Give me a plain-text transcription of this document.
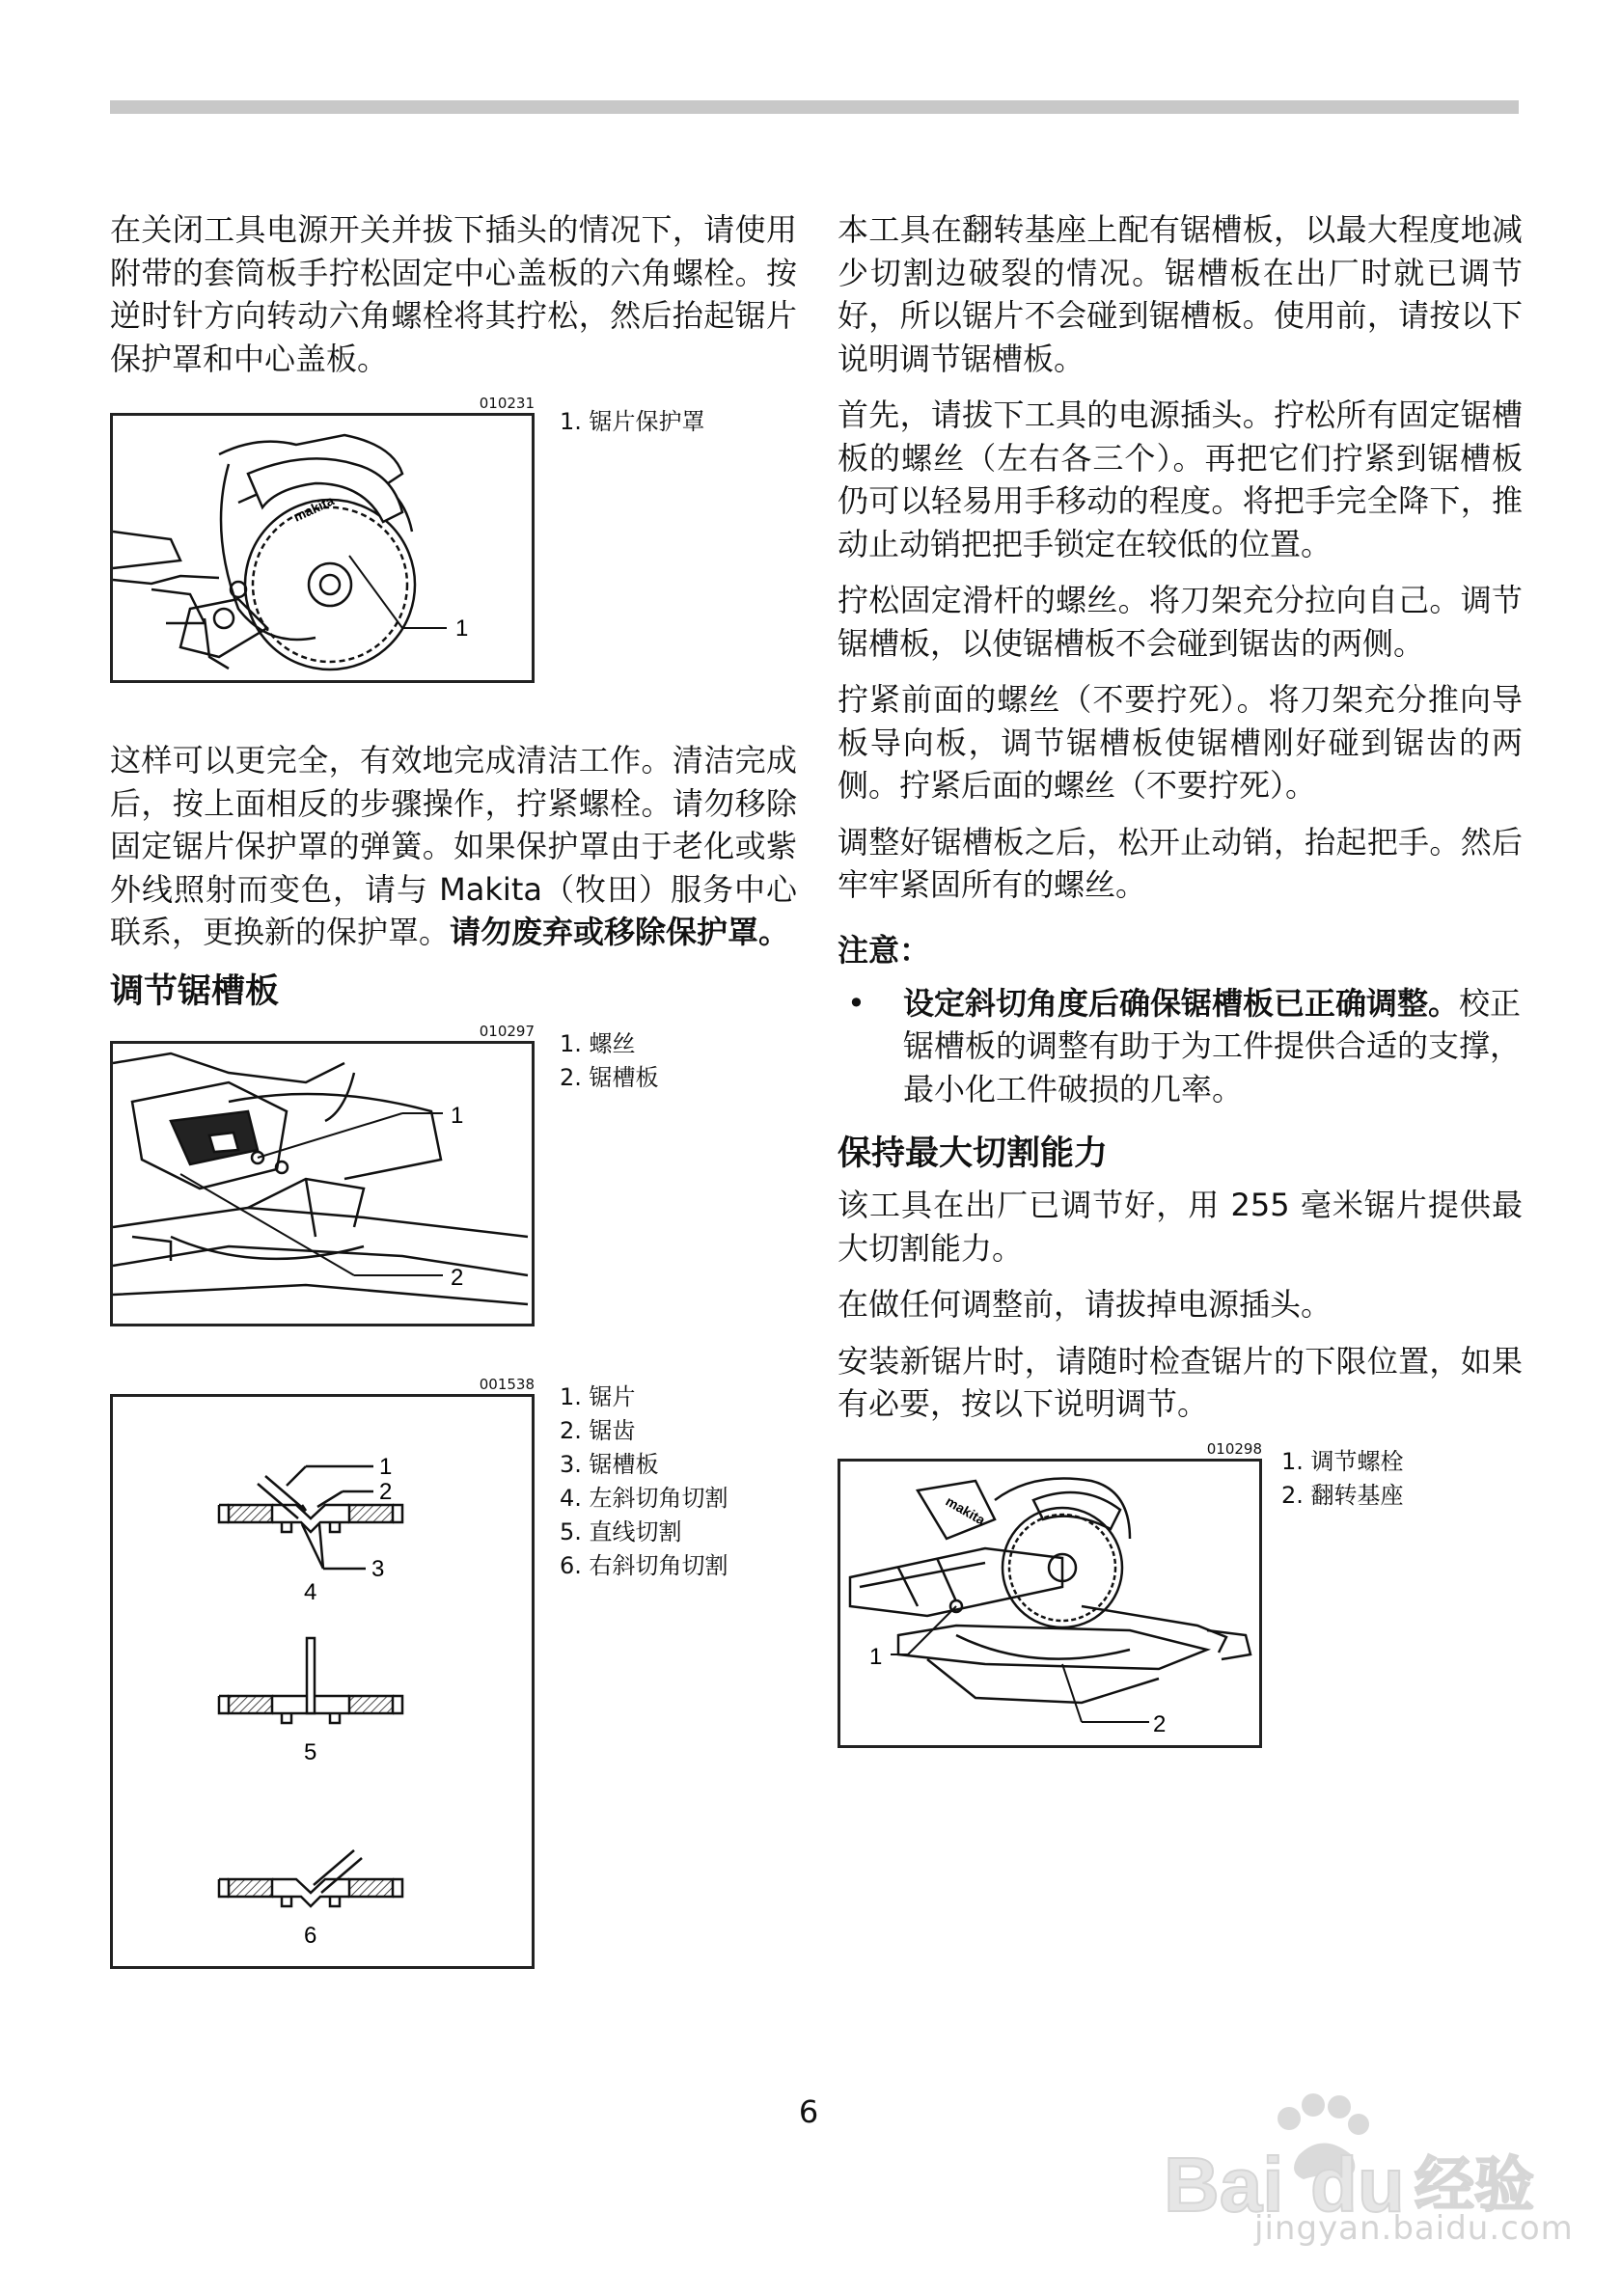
在关闭工具电源开关并拔下插头的情况下，请使用附带的套筒板手拧松固定中心盖板的六角螺栓。按逆时针方向转动六角螺栓将其拧松，然后抬起锯片保护罩和中心盖板。

010231
makita
1
1. 锯片保护罩

这样可以更完全，有效地完成清洁工作。清洁完成后，按上面相反的步骤操作，拧紧螺栓。请勿移除固定锯片保护罩的弹簧。如果保护罩由于老化或紫外线照射而变色，请与 Makita（牧田）服务中心联系，更换新的保护罩。请勿废弃或移除保护罩。

调节锯槽板
010297
1
2
1. 螺丝
2. 锯槽板
001538
1
2
3
4
5
6
1. 锯片
2. 锯齿
3. 锯槽板
4. 左斜切角切割
5. 直线切割
6. 右斜切角切割

本工具在翻转基座上配有锯槽板，以最大程度地减少切割边破裂的情况。锯槽板在出厂时就已调节好，所以锯片不会碰到锯槽板。使用前，请按以下说明调节锯槽板。

首先，请拔下工具的电源插头。拧松所有固定锯槽板的螺丝（左右各三个）。再把它们拧紧到锯槽板仍可以轻易用手移动的程度。将把手完全降下，推动止动销把把手锁定在较低的位置。

拧松固定滑杆的螺丝。将刀架充分拉向自己。调节锯槽板，以使锯槽板不会碰到锯齿的两侧。

拧紧前面的螺丝（不要拧死）。将刀架充分推向导板导向板，调节锯槽板使锯槽刚好碰到锯齿的两侧。拧紧后面的螺丝（不要拧死）。

调整好锯槽板之后，松开止动销，抬起把手。然后牢牢紧固所有的螺丝。

注意：
•	设定斜切角度后确保锯槽板已正确调整。校正锯槽板的调整有助于为工件提供合适的支撑，最小化工件破损的几率。
保持最大切割能力

该工具在出厂已调节好，用 255 毫米锯片提供最大切割能力。

在做任何调整前，请拔掉电源插头。

安装新锯片时，请随时检查锯片的下限位置，如果有必要，按以下说明调节。

010298
makita
1
2
1. 调节螺栓
2. 翻转基座
6
Bai du 经验
jingyan.baidu.com
